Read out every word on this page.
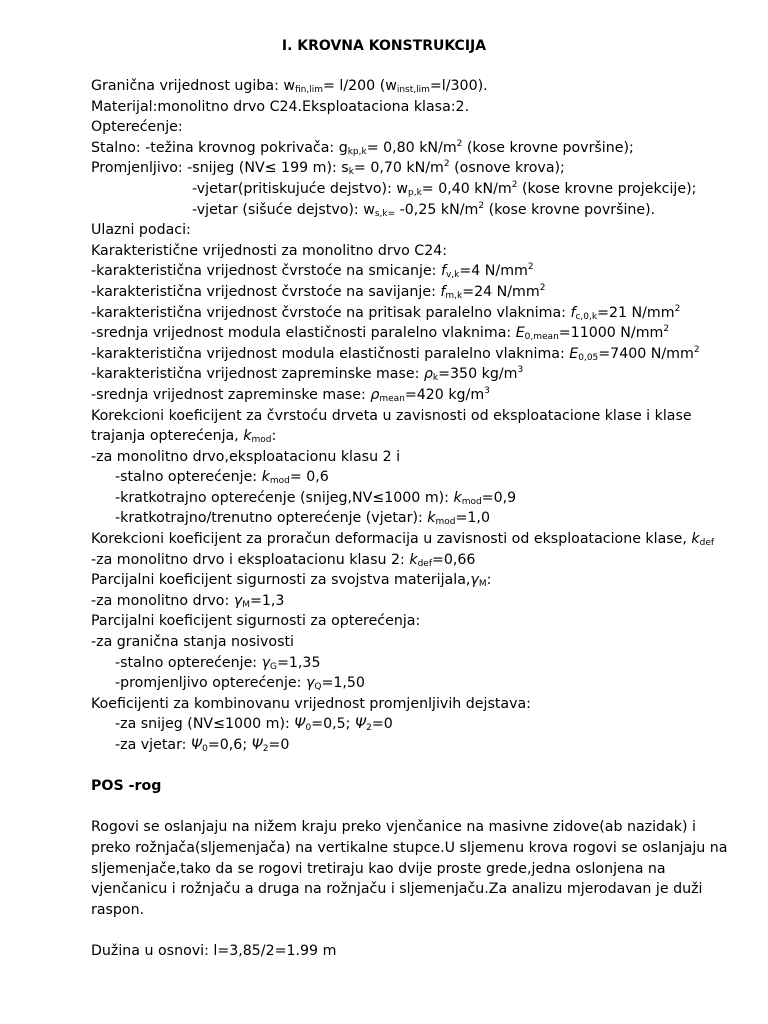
I. KROVNA KONSTRUKCIJA
Granična vrijednost ugiba: $w_{fin,lim}= l/200$ $(w_{inst,lim}=l/300)$.
Materijal:monolitno drvo C24.Eksploataciona klasa:2.
Opterećenje:
Stalno: -težina krovnog pokrivača: $g_{kp,k}= 0,80$ $kN/m^2$ (kose krovne površine);
Promjenljivo: -snijeg (NV≤ 199 m): $s_k= 0,70$ $kN/m^2$ (osnove krova);
-vjetar(pritiskujuće dejstvo): $w_{p,k}= 0,40$ $kN/m^2$ (kose krovne projekcije);
-vjetar (sišuće dejstvo): $w_{s,k=}$ -0,25 $kN/m^2$ (kose krovne površine).
Ulazni podaci:
Karakteristične vrijednosti za monolitno drvo C24:
-karakteristična vrijednost čvrstoće na smicanje: $f_{v,k}=4$ $N/mm^2$
-karakteristična vrijednost čvrstoće na savijanje: $f_{m,k}=24$ $N/mm^2$
-karakteristična vrijednost čvrstoće na pritisak paralelno vlaknima: $f_{c,0,k}=21$ $N/mm^2$
-srednja vrijednost modula elastičnosti paralelno vlaknima: $E_{0,mean}=11000$ $N/mm^2$
-karakteristična vrijednost modula elastičnosti paralelno vlaknima: $E_{0,05}=7400$ $N/mm^2$
-karakteristična vrijednost zapreminske mase: $\rho_k=350$ $kg/m^3$
-srednja vrijednost zapreminske mase: $\rho_{mean}=420$ $kg/m^3$
Korekcioni koeficijent za čvrstoću drveta u zavisnosti od eksploatacione klase i klase
trajanja opterećenja, $k_{mod}$:
-za monolitno drvo,eksploatacionu klasu 2 i
-stalno opterećenje: $k_{mod}= 0,6$
-kratkotrajno opterećenje (snijeg,NV≤1000 m): $k_{mod}=0,9$
-kratkotrajno/trenutno opterećenje (vjetar): $k_{mod}=1,0$
Korekcioni koeficijent za proračun deformacija u zavisnosti od eksploatacione klase, $k_{def}$
-za monolitno drvo i eksploatacionu klasu 2: $k_{def}=0,66$
Parcijalni koeficijent sigurnosti za svojstva $materijala,\gamma_M$:
-za monolitno drvo: $\gamma_M=1,3$
Parcijalni koeficijent sigurnosti za opterećenja:
-za granična stanja nosivosti
-stalno opterećenje: $\gamma_G=1,35$
-promjenljivo opterećenje: $\gamma_Q=1,50$
Koeficijenti za kombinovanu vrijednost promjenljivih dejstava:
-za snijeg (NV≤1000 m): $\Psi_0=0,5$; $\Psi_2=0$
-za vjetar: $\Psi_0=0,6$; $\Psi_2=0$
POS -rog
Rogovi se oslanjaju na nižem kraju preko vjenčanice na masivne zidove(ab nazidak) i preko rožnjača(sljemenjača) na vertikalne stupce.U sljemenu krova rogovi se oslanjaju na sljemenjače,tako da se rogovi tretiraju kao dvije proste grede,jedna oslonjena na vjenčanicu i rožnjaču a druga na rožnjaču i sljemenjaču.Za analizu mjerodavan je duži raspon.
Dužina u osnovi: l=3,85/2=1.99 m
